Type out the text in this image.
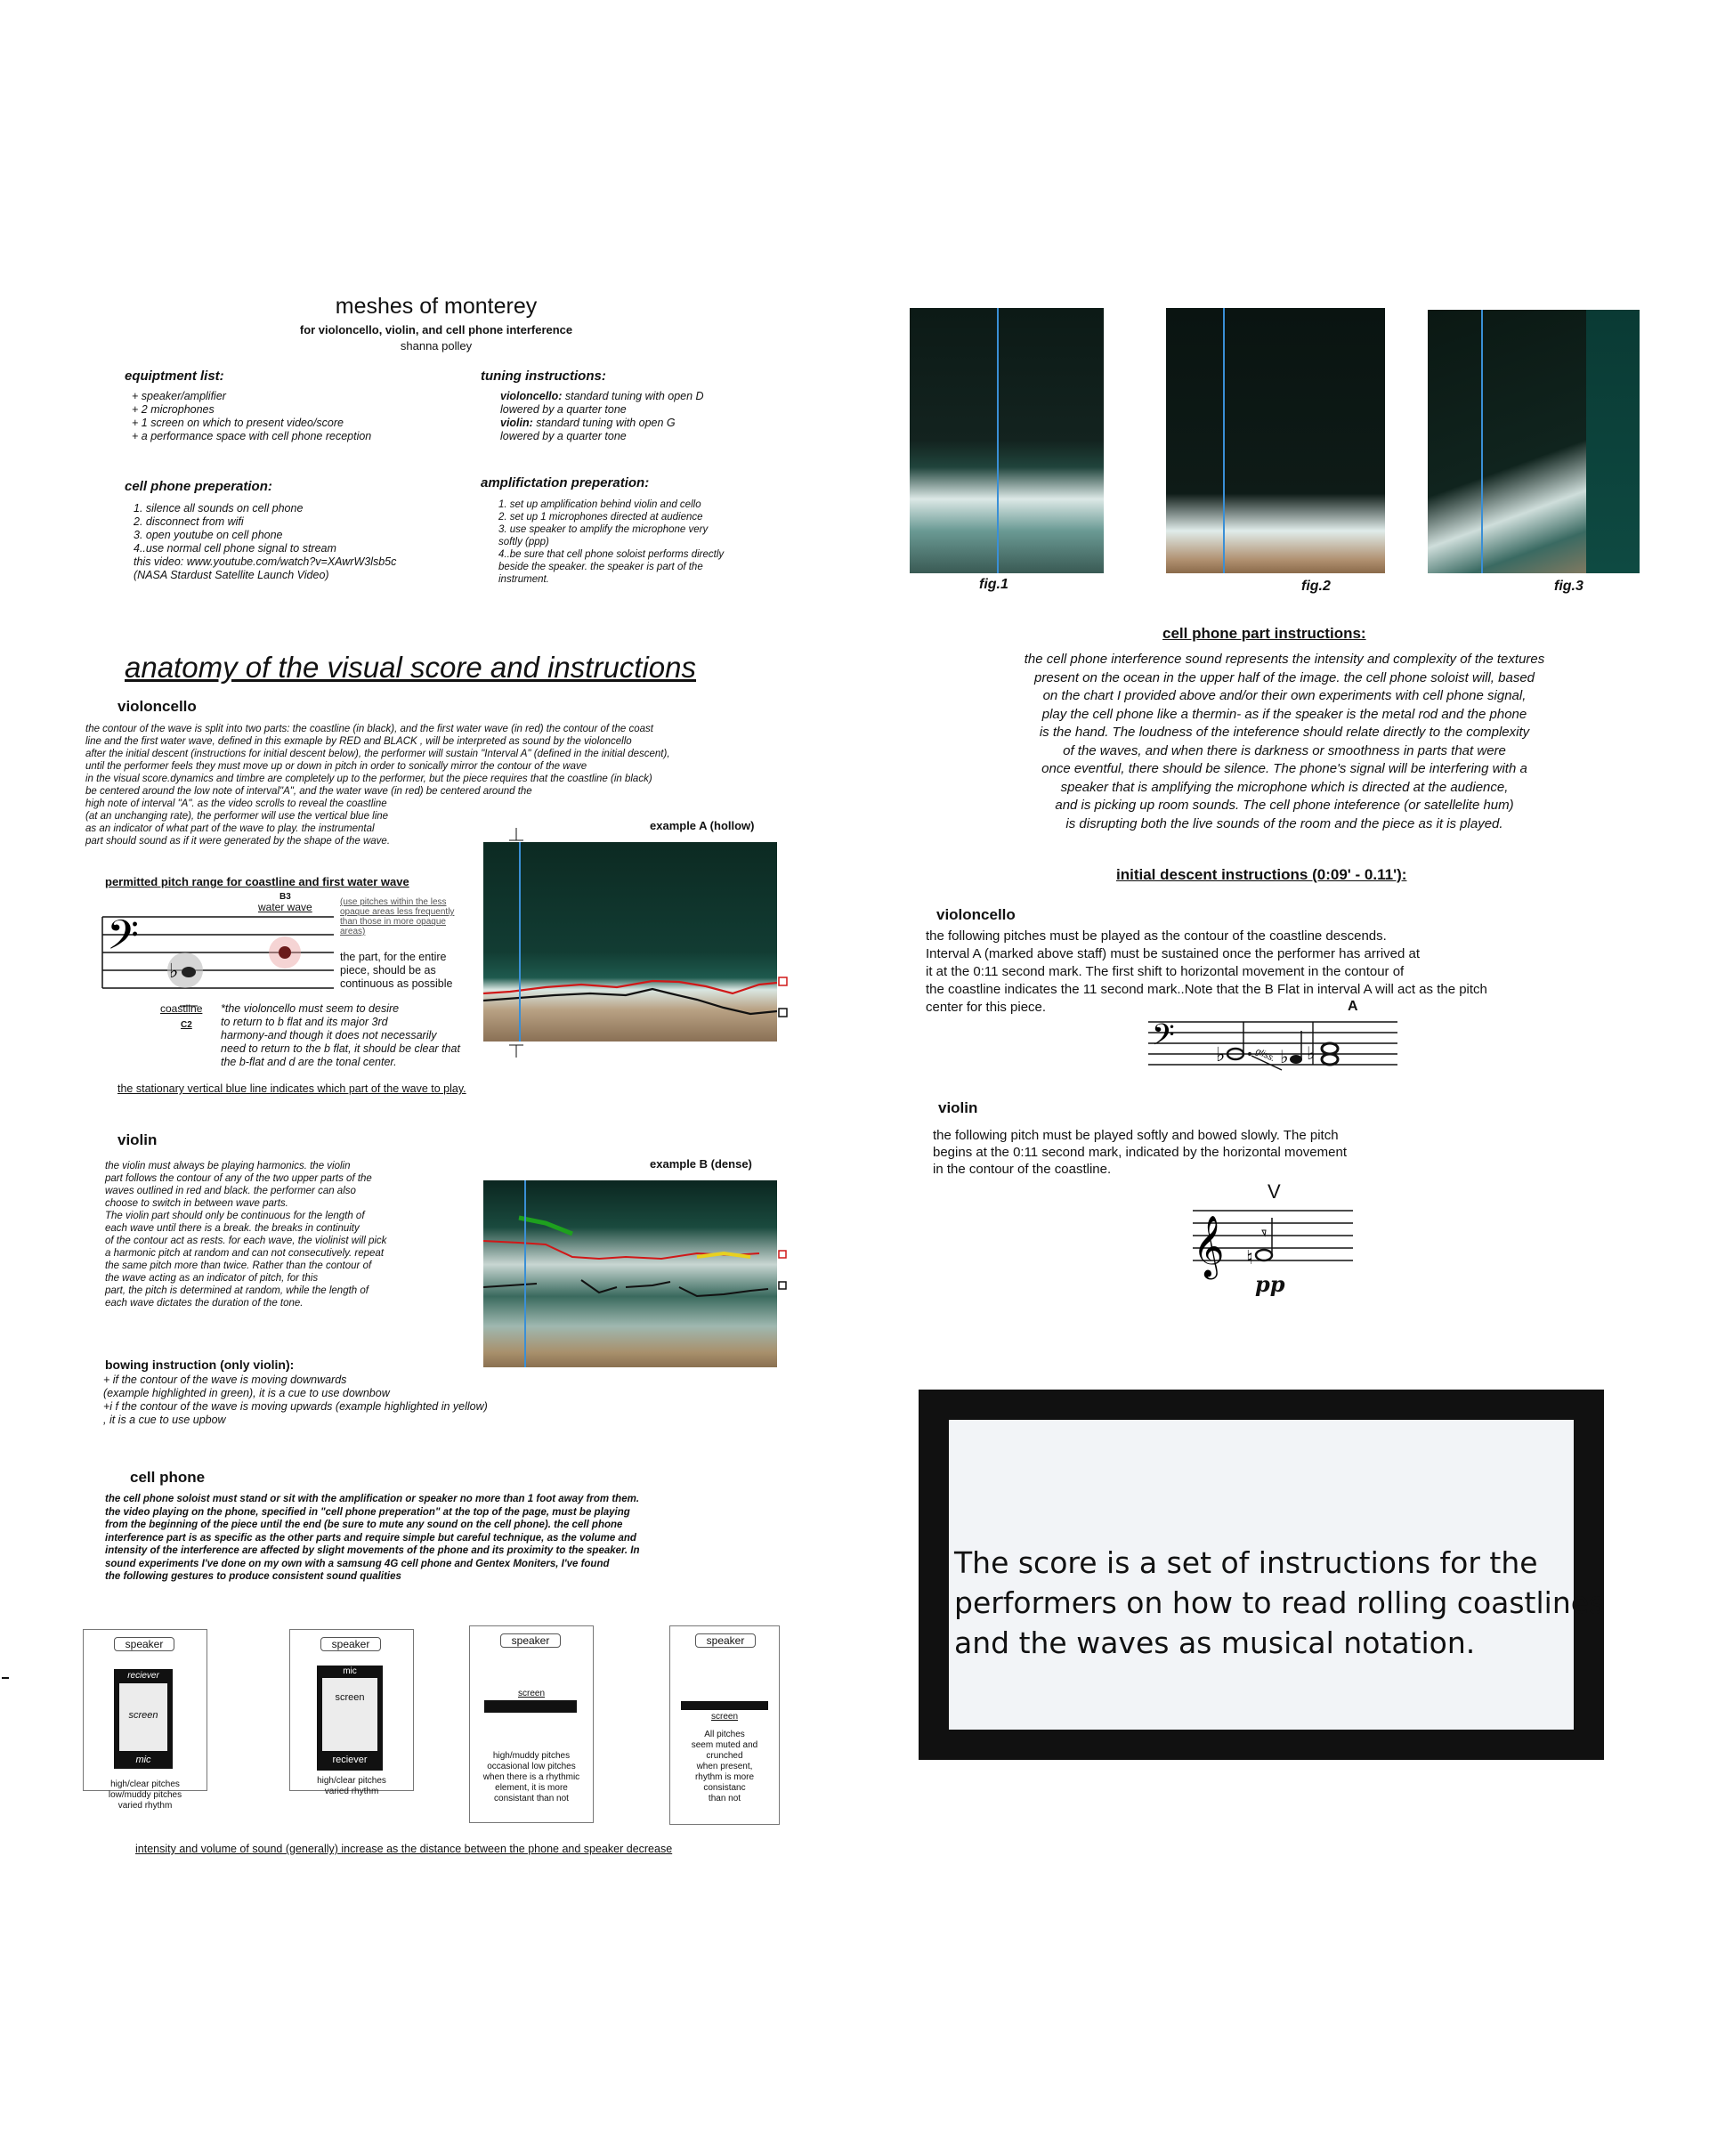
meshes of monterey
for violoncello, violin, and cell phone interference
shanna polley
equiptment list:
+ speaker/amplifier
+ 2 microphones
+ 1 screen on which to present video/score
+ a performance space with cell phone reception
tuning instructions:
violoncello: standard tuning with open D
lowered by a quarter tone
violin: standard tuning with open G
lowered by a quarter tone
cell phone preperation:
1. silence all sounds on cell phone
2. disconnect from wifi
3. open youtube on cell phone
4..use normal cell phone signal to stream
this video: www.youtube.com/watch?v=XAwrW3lsb5c
(NASA Stardust Satellite Launch Video)
amplifictation preperation:
1. set up amplification behind violin and cello
2. set up 1 microphones directed at audience
3. use speaker to amplify the microphone very
softly (ppp)
4..be sure that cell phone soloist performs directly
beside the speaker. the speaker is part of the
instrument.
anatomy of the visual score and instructions
violoncello
the contour of the wave is split into two parts: the coastline (in black), and the first water wave (in red) the contour of the coast
line and the first water wave, defined in this exmaple by RED and BLACK , will be interpreted as sound by the violoncello
after the initial descent (instructions for initial descent below), the performer will sustain "Interval A" (defined in the initial descent),
until the performer feels they must move up or down in pitch in order to sonically mirror the contour of the wave
in the visual score.dynamics and timbre are completely up to the performer, but the piece requires that the coastline (in black)
be centered around the low note of interval"A", and the water wave (in red) be centered around the
high note of interval "A". as the video scrolls to reveal the coastline
(at an unchanging rate), the performer will use the vertical blue line
as an indicator of what part of the wave to play. the instrumental
part should sound as if it were generated by the shape of the wave.
permitted pitch range for coastline and first water wave
𝄢
♭
B3
water wave	(use pitches within the less
opaque areas less frequently
than those in more opaque
areas)
the part, for the entire
piece, should be as
continuous as possible
coastline
C2
*the violoncello must seem to desire
to return to b flat and its major 3rd
harmony-and though it does not necessarily
need to return to the b flat, it should be clear that
the b-flat and d are the tonal center.
the stationary vertical blue line indicates which part of the wave to play.
example A (hollow)
violin
the violin must always be playing harmonics. the violin
part follows the contour of any of the two upper parts of the
waves outlined in red and black. the performer can also
choose to switch in between wave parts.
The violin part should only be continuous for the length of
each wave until there is a break. the breaks in continuity
of the contour act as rests. for each wave, the violinist will pick
a harmonic pitch at random and can not consecutively. repeat
the same pitch more than twice. Rather than the contour of
the wave acting as an indicator of pitch, for this
part, the pitch is determined at random, while the length of
each wave dictates the duration of the tone.
example B (dense)
bowing instruction (only violin):
+ if the contour of the wave is moving downwards
(example highlighted in green), it is a cue to use downbow
+i f the contour of the wave is moving upwards (example highlighted in yellow)
, it is a cue to use upbow
cell phone
the cell phone soloist must stand or sit with the amplification or speaker no more than 1 foot away from them.
the video playing on the phone, specified in "cell phone preperation" at the top of the page, must be playing
from the beginning of the piece until the end (be sure to mute any sound on the cell phone). the cell phone
interference part is as specific as the other parts and require simple but careful technique, as the volume and
intensity of the interference are affected by slight movements of the phone and its proximity to the speaker. In
sound experiments I've done on my own with a samsung 4G cell phone and Gentex Moniters, I've found
the following gestures to produce consistent sound qualities
speaker
reciever
screen
mic
high/clear pitches
low/muddy pitches
varied rhythm
speaker
mic
screen
reciever
high/clear pitches
varied rhythm
speaker
screen
high/muddy pitches
occasional low pitches
when there is a rhythmic
element, it is more
consistant than not
speaker
screen
All pitches
seem muted and
crunched
when present,
rhythm is more
consistanc
than not
intensity and volume of sound (generally) increase as the distance between the phone and speaker decrease
fig.1	fig.2	fig.3
cell phone part instructions:
the cell phone interference sound represents the intensity and complexity of the textures
present on the ocean in the upper half of the image. the cell phone soloist will, based
on the chart I provided above and/or their own experiments with cell phone signal,
play the cell phone like a thermin- as if the speaker is the metal rod and the phone
is the hand. The loudness of the inteference should relate directly to the complexity
of the waves, and when there is darkness or smoothness in parts that were
once eventful, there should be silence. The phone's signal will be interfering with a
speaker that is amplifying the microphone which is directed at the audience,
and is picking up room sounds. The cell phone inteference (or satellelite hum)
is disrupting both the live sounds of the room and the piece as it is played.
initial descent instructions (0:09' - 0.11'):
violoncello
the following pitches must be played as the contour of the coastline descends.
Interval A (marked above staff) must be sustained once the performer has arrived at
it at the 0:11 second mark. The first shift to horizontal movement in the contour of
the coastline indicates the 11 second mark..Note that the B Flat in interval A will act as the pitch
center for this piece.
𝄢 ♭	♭ ♭
gliss.
A
violin
the following pitch must be played softly and bowed slowly. The pitch
begins at the 0:11 second mark, indicated by the horizontal movement
in the contour of the coastline.
𝄞 ♮
V
pp
The score is a set of instructions for the
performers on how to read rolling coastlines
and the waves as musical notation.
